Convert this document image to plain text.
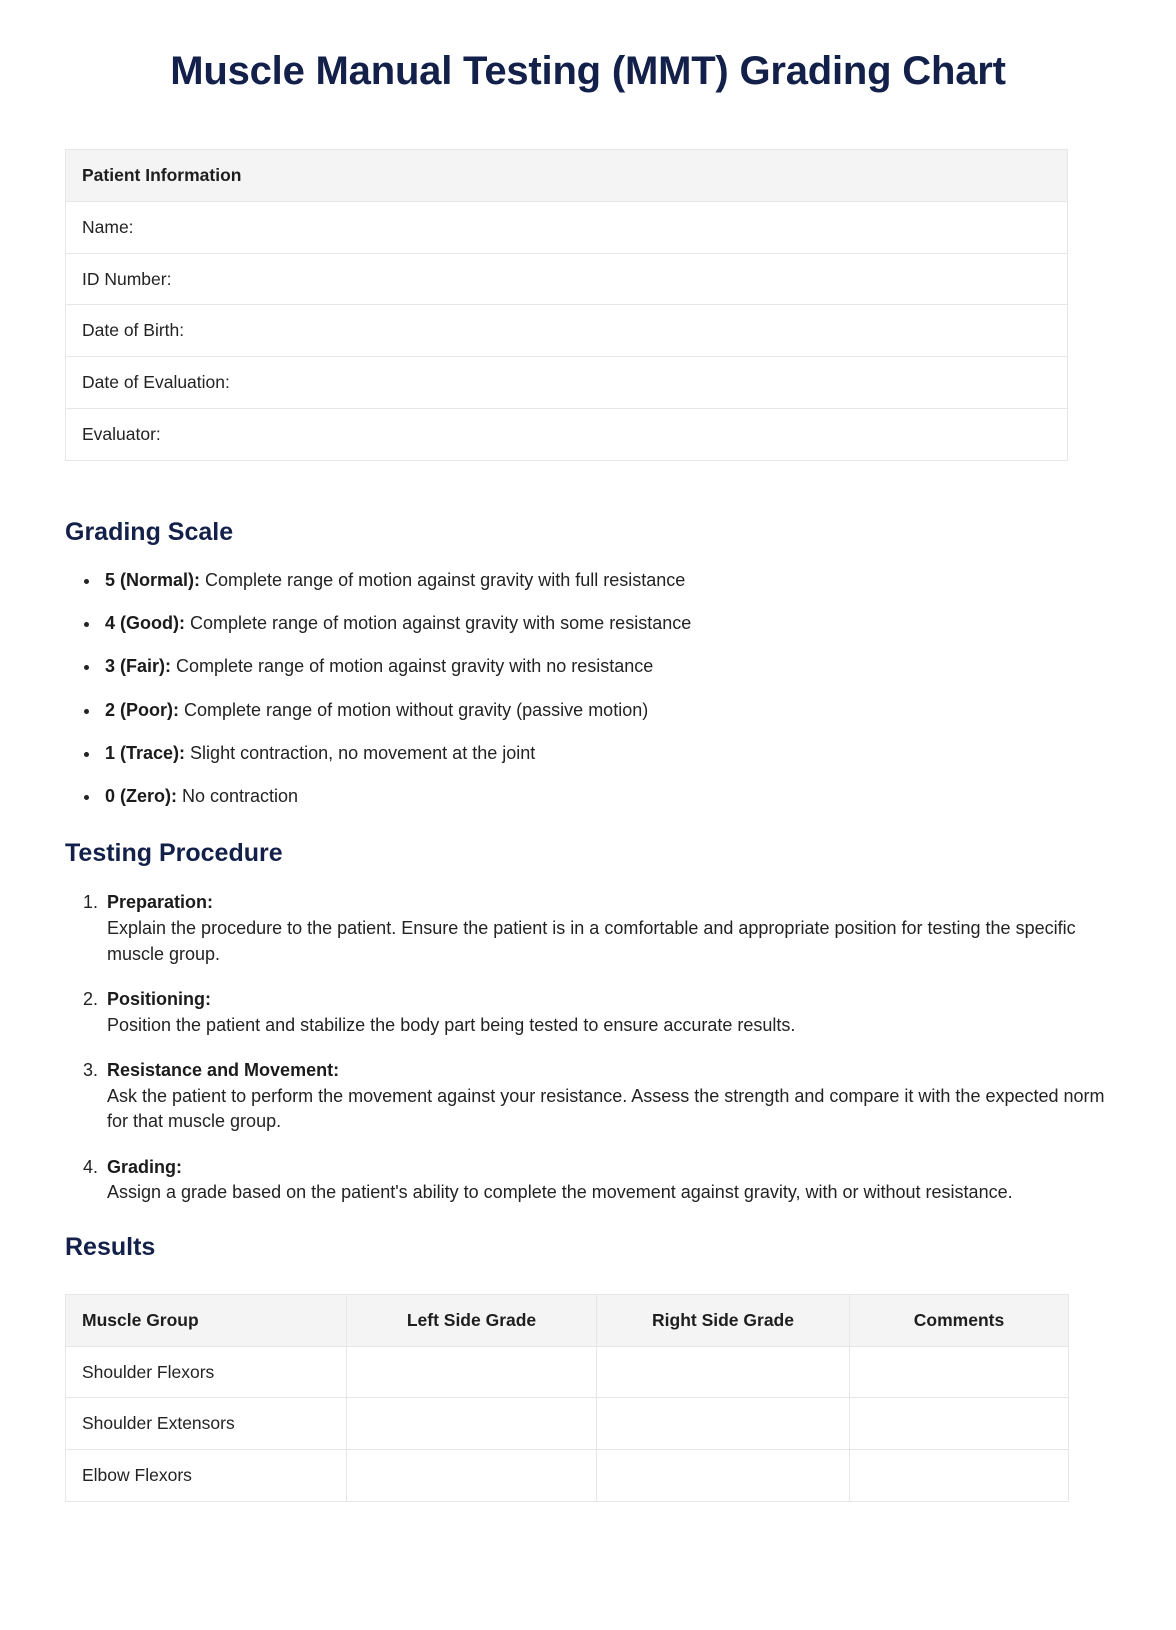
Muscle Manual Testing (MMT) Grading Chart
Patient Information
Name:
ID Number:
Date of Birth:
Date of Evaluation:
Evaluator:
Grading Scale
• 5 (Normal): Complete range of motion against gravity with full resistance
• 4 (Good): Complete range of motion against gravity with some resistance
• 3 (Fair): Complete range of motion against gravity with no resistance
• 2 (Poor): Complete range of motion without gravity (passive motion)
• 1 (Trace): Slight contraction, no movement at the joint
• 0 (Zero): No contraction
Testing Procedure
1. Preparation:
Explain the procedure to the patient. Ensure the patient is in a comfortable and appropriate position for testing the specific muscle group.
2. Positioning:
Position the patient and stabilize the body part being tested to ensure accurate results.
3. Resistance and Movement:
Ask the patient to perform the movement against your resistance. Assess the strength and compare it with the expected norm for that muscle group.
4. Grading:
Assign a grade based on the patient's ability to complete the movement against gravity, with or without resistance.
Results
Muscle Group	Left Side Grade	Right Side Grade	Comments
Shoulder Flexors			
Shoulder Extensors			
Elbow Flexors			
